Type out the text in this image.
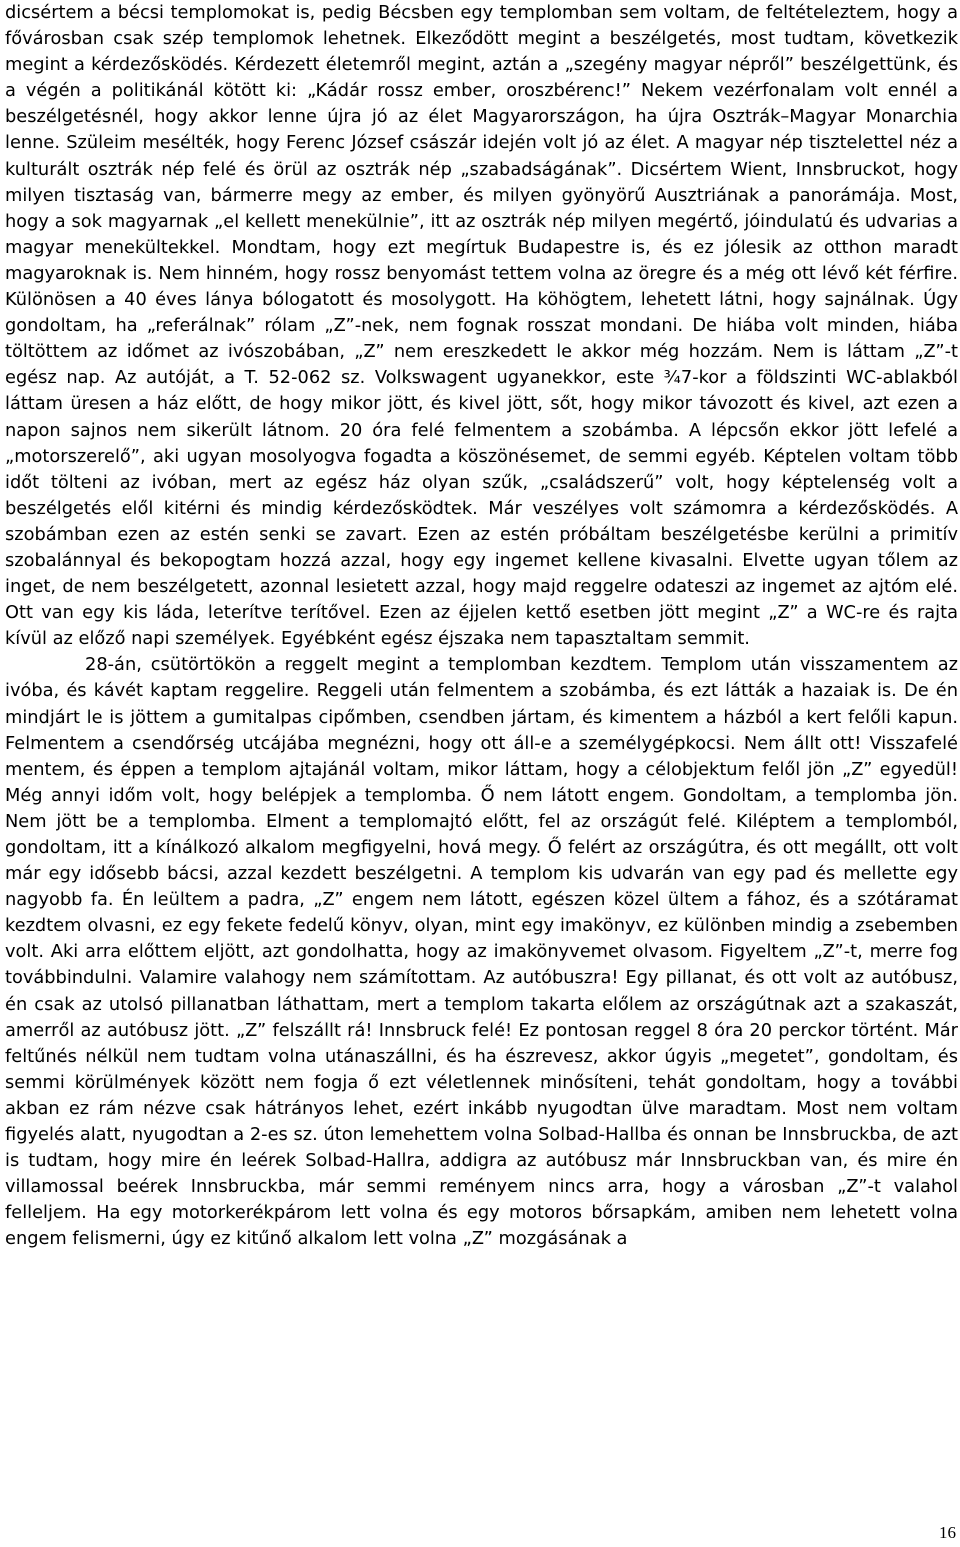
dicsértem a bécsi templomokat is, pedig Bécsben egy templomban sem voltam, de feltételeztem, hogy a fővárosban csak szép templomok lehetnek. Elkeződött megint a beszélgetés, most tudtam, következik megint a kérdezősködés. Kérdezett életemről megint, aztán a „szegény magyar népről” beszélgettünk, és a végén a politikánál kötött ki: „Kádár rossz ember, oroszbérenc!” Nekem vezérfonalam volt ennél a beszélgetésnél, hogy akkor lenne újra jó az élet Magyarországon, ha újra Osztrák–Magyar Monarchia lenne. Szüleim mesélték, hogy Ferenc József császár idején volt jó az élet. A magyar nép tisztelettel néz a kulturált osztrák nép felé és örül az osztrák nép „szabadságának”. Dicsértem Wient, Innsbruckot, hogy milyen tisztaság van, bármerre megy az ember, és milyen gyönyörű Ausztriának a panorámája. Most, hogy a sok magyarnak „el kellett menekülnie”, itt az osztrák nép milyen megértő, jóindulatú és udvarias a magyar menekültekkel. Mondtam, hogy ezt megírtuk Budapestre is, és ez jólesik az otthon maradt magyaroknak is. Nem hinném, hogy rossz benyomást tettem volna az öregre és a még ott lévő két férfire. Különösen a 40 éves lánya bólogatott és mosolygott. Ha köhögtem, lehetett látni, hogy sajnálnak. Úgy gondoltam, ha „referálnak” rólam „Z”-nek, nem fognak rosszat mondani. De hiába volt minden, hiába töltöttem az időmet az ivószobában, „Z” nem ereszkedett le akkor még hozzám. Nem is láttam „Z”-t egész nap. Az autóját, a T. 52-062 sz. Volkswagent ugyanekkor, este ¾7-kor a földszinti WC-ablakból láttam üresen a ház előtt, de hogy mikor jött, és kivel jött, sőt, hogy mikor távozott és kivel, azt ezen a napon sajnos nem sikerült látnom. 20 óra felé felmentem a szobámba. A lépcsőn ekkor jött lefelé a „motorszerelő”, aki ugyan mosolyogva fogadta a köszönésemet, de semmi egyéb. Képtelen voltam több időt tölteni az ivóban, mert az egész ház olyan szűk, „családszerű” volt, hogy képtelenség volt a beszélgetés elől kitérni és mindig kérdezősködtek. Már veszélyes volt számomra a kérdezősködés. A szobámban ezen az estén senki se zavart. Ezen az estén próbáltam beszélgetésbe kerülni a primitív szobalánnyal és bekopogtam hozzá azzal, hogy egy ingemet kellene kivasalni. Elvette ugyan tőlem az inget, de nem beszélgetett, azonnal lesietett azzal, hogy majd reggelre odateszi az ingemet az ajtóm elé. Ott van egy kis láda, leterítve terítővel. Ezen az éjjelen kettő esetben jött megint „Z” a WC-re és rajta kívül az előző napi személyek. Egyébként egész éjszaka nem tapasztaltam semmit.

28-án, csütörtökön a reggelt megint a templomban kezdtem. Templom után visszamentem az ivóba, és kávét kaptam reggelire. Reggeli után felmentem a szobámba, és ezt látták a hazaiak is. De én mindjárt le is jöttem a gumitalpas cipőmben, csendben jártam, és kimentem a házból a kert felőli kapun. Felmentem a csendőrség utcájába megnézni, hogy ott áll-e a személygépkocsi. Nem állt ott! Visszafelé mentem, és éppen a templom ajtajánál voltam, mikor láttam, hogy a célobjektum felől jön „Z” egyedül! Még annyi időm volt, hogy belépjek a templomba. Ő nem látott engem. Gondoltam, a templomba jön. Nem jött be a templomba. Elment a templomajtó előtt, fel az országút felé. Kiléptem a templomból, gondoltam, itt a kínálkozó alkalom megfigyelni, hová megy. Ő felért az országútra, és ott megállt, ott volt már egy idősebb bácsi, azzal kezdett beszélgetni. A templom kis udvarán van egy pad és mellette egy nagyobb fa. Én leültem a padra, „Z” engem nem látott, egészen közel ültem a fához, és a szótáramat kezdtem olvasni, ez egy fekete fedelű könyv, olyan, mint egy imakönyv, ez különben mindig a zsebemben volt. Aki arra előttem eljött, azt gondolhatta, hogy az imakönyvemet olvasom. Figyeltem „Z”-t, merre fog továbbindulni. Valamire valahogy nem számítottam. Az autóbuszra! Egy pillanat, és ott volt az autóbusz, én csak az utolsó pillanatban láthattam, mert a templom takarta előlem az országútnak azt a szakaszát, amerről az autóbusz jött. „Z” felszállt rá! Innsbruck felé! Ez pontosan reggel 8 óra 20 perckor történt. Már feltűnés nélkül nem tudtam volna utánaszállni, és ha észrevesz, akkor úgyis „megetet”, gondoltam, és semmi körülmények között nem fogja ő ezt véletlennek minősíteni, tehát gondoltam, hogy a további akban ez rám nézve csak hátrányos lehet, ezért inkább nyugodtan ülve maradtam. Most nem voltam figyelés alatt, nyugodtan a 2-es sz. úton lemehettem volna Solbad-Hallba és onnan be Innsbruckba, de azt is tudtam, hogy mire én leérek Solbad-Hallra, addigra az autóbusz már Innsbruckban van, és mire én villamossal beérek Innsbruckba, már semmi reményem nincs arra, hogy a városban „Z”-t valahol felleljem. Ha egy motorkerékpárom lett volna és egy motoros bőrsapkám, amiben nem lehetett volna engem felismerni, úgy ez kitűnő alkalom lett volna „Z” mozgásának a

16
